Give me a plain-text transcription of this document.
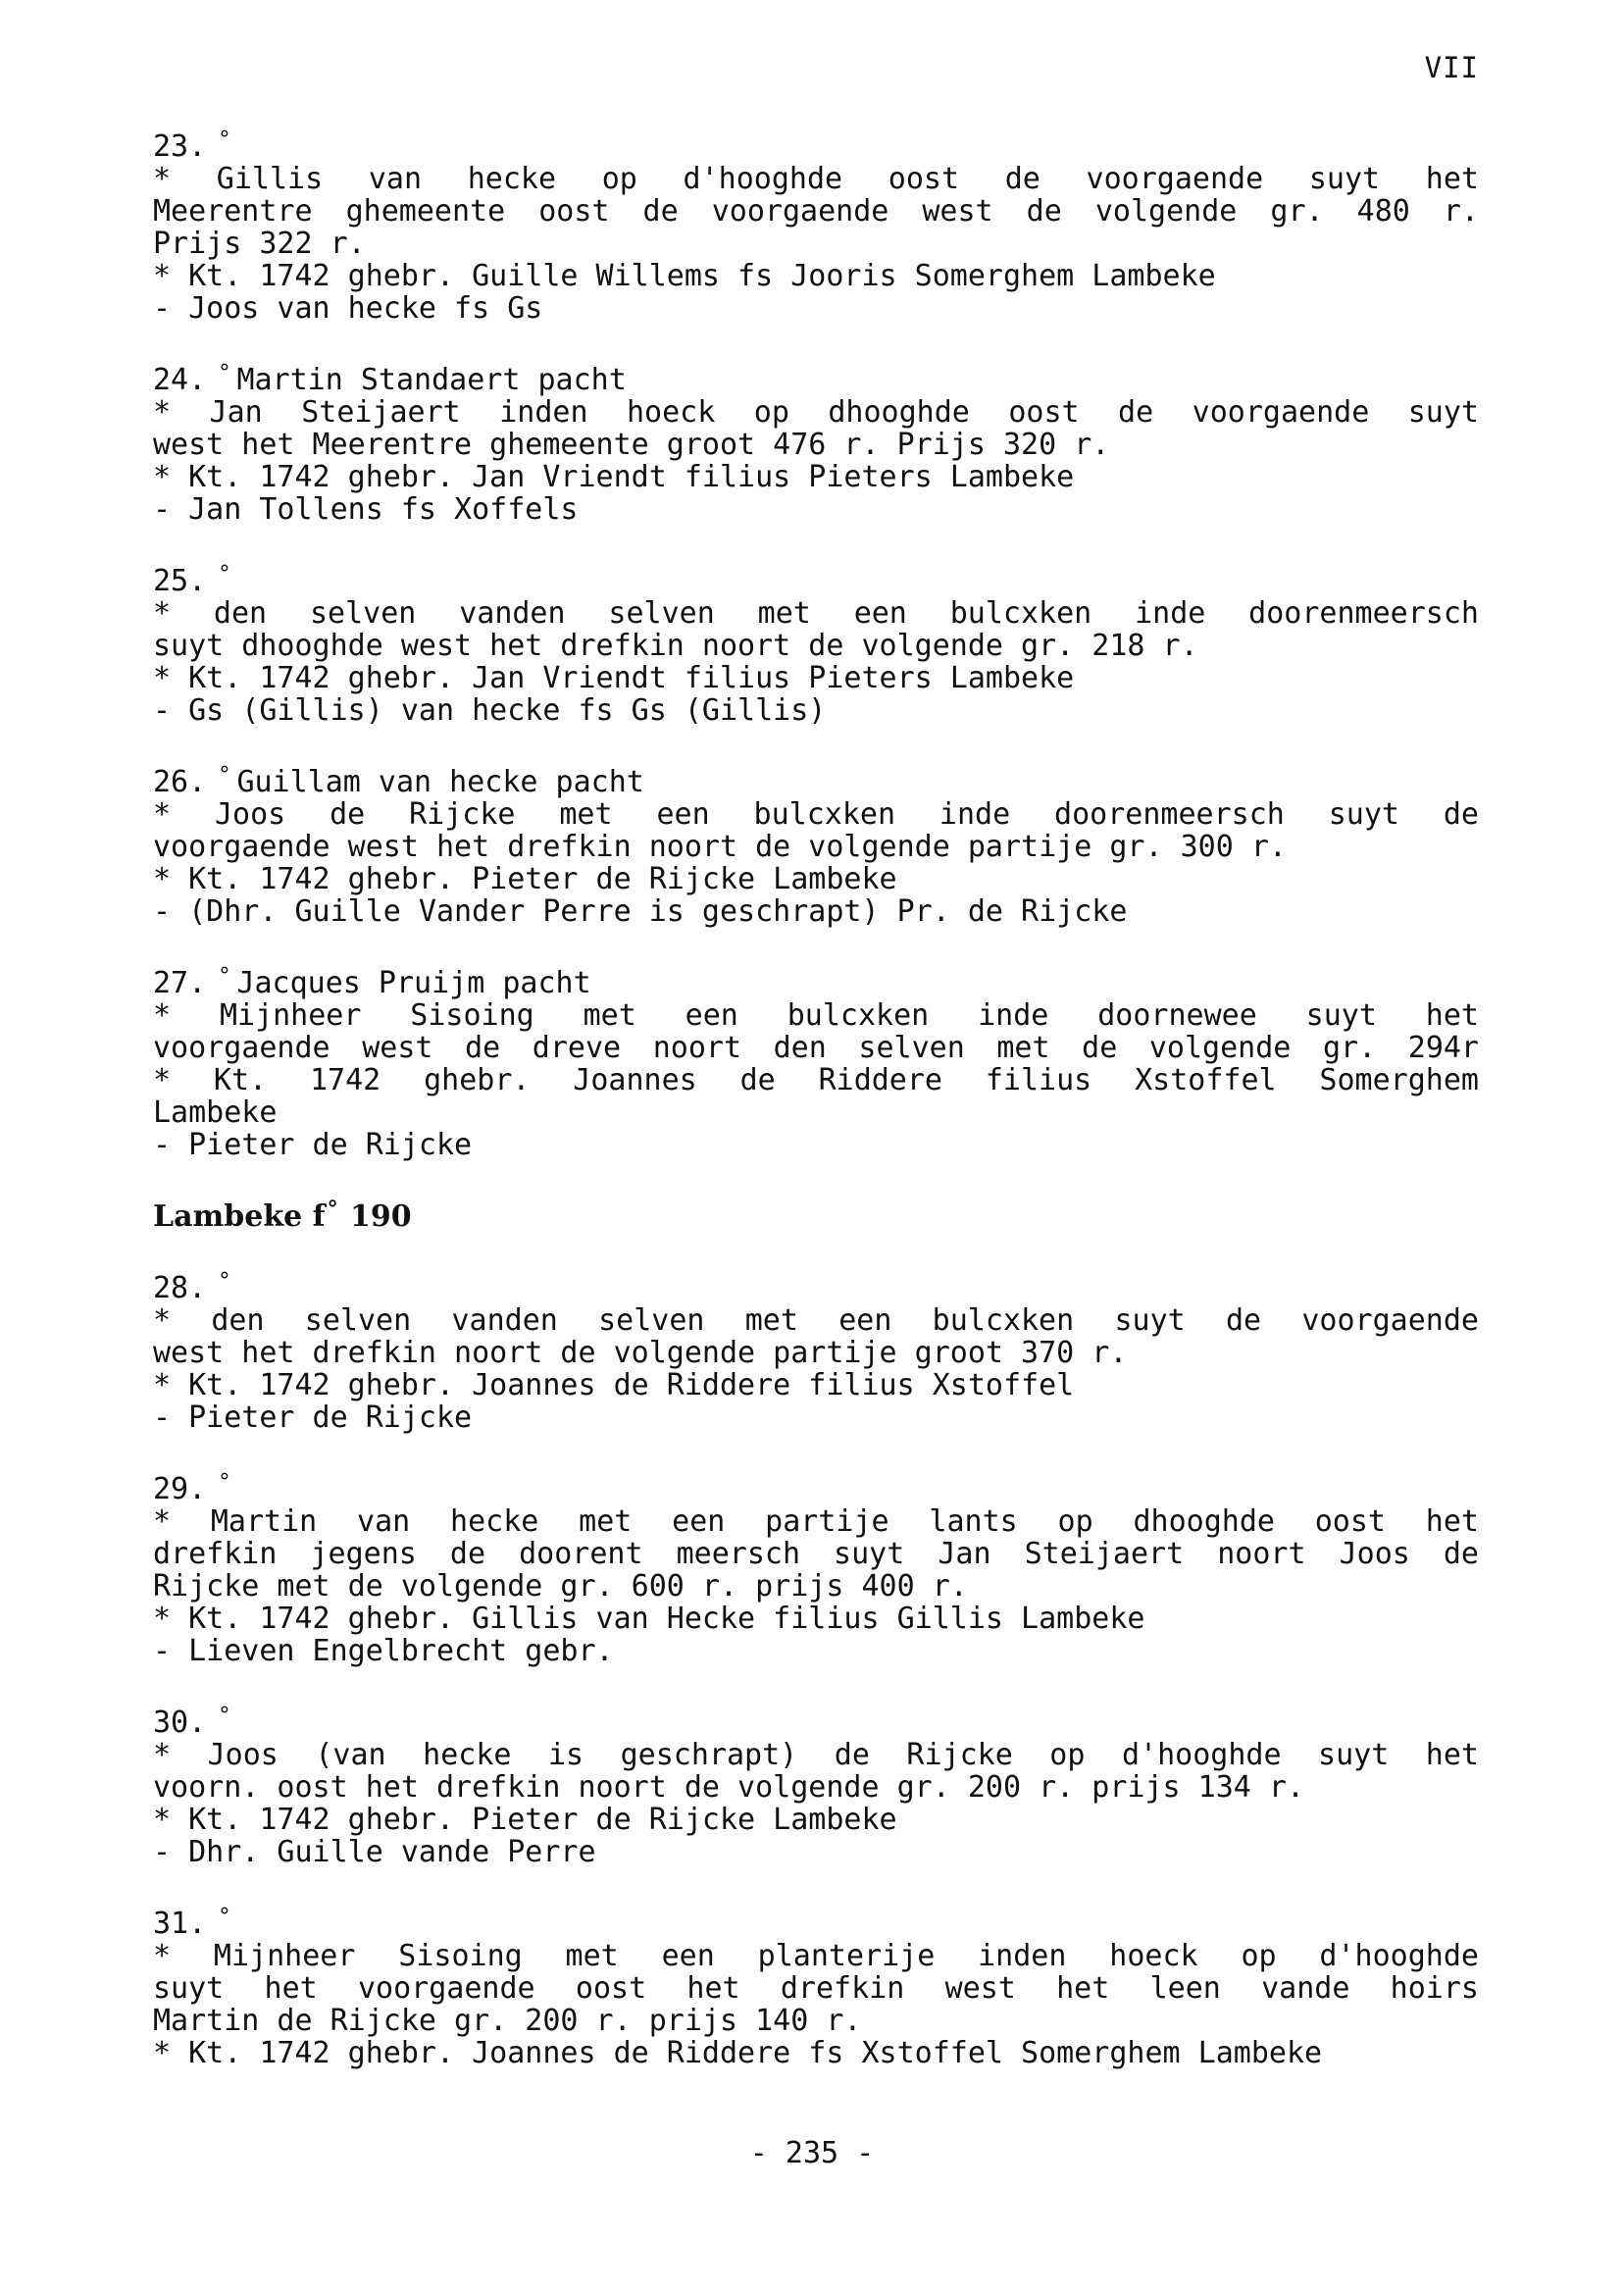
VII
23. °
* Gillis van hecke op d'hooghde oost de voorgaende suyt het
Meerentre ghemeente oost de voorgaende west de volgende gr. 480 r.
Prijs 322 r.
* Kt. 1742 ghebr. Guille Willems fs Jooris Somerghem Lambeke
- Joos van hecke fs Gs
24. ° Martin Standaert pacht
* Jan Steijaert inden hoeck op dhooghde oost de voorgaende suyt
west het Meerentre ghemeente groot 476 r. Prijs 320 r.
* Kt. 1742 ghebr. Jan Vriendt filius Pieters Lambeke
- Jan Tollens fs Xoffels
25. °
* den selven vanden selven met een bulcxken inde doorenmeersch
suyt dhooghde west het drefkin noort de volgende gr. 218 r.
* Kt. 1742 ghebr. Jan Vriendt filius Pieters Lambeke
- Gs (Gillis) van hecke fs Gs (Gillis)
26. ° Guillam van hecke pacht
* Joos de Rijcke met een bulcxken inde doorenmeersch suyt de
voorgaende west het drefkin noort de volgende partije gr. 300 r.
* Kt. 1742 ghebr. Pieter de Rijcke Lambeke
- (Dhr. Guille Vander Perre is geschrapt) Pr. de Rijcke
27. ° Jacques Pruijm pacht
* Mijnheer Sisoing met een bulcxken inde doornewee suyt het
voorgaende west de dreve noort den selven met de volgende gr. 294r
* Kt. 1742 ghebr. Joannes de Riddere filius Xstoffel Somerghem
Lambeke
- Pieter de Rijcke
Lambeke f° 190
28. °
* den selven vanden selven met een bulcxken suyt de voorgaende
west het drefkin noort de volgende partije groot 370 r.
* Kt. 1742 ghebr. Joannes de Riddere filius Xstoffel
- Pieter de Rijcke
29. °
* Martin van hecke met een partije lants op dhooghde oost het
drefkin jegens de doorent meersch suyt Jan Steijaert noort Joos de
Rijcke met de volgende gr. 600 r. prijs 400 r.
* Kt. 1742 ghebr. Gillis van Hecke filius Gillis Lambeke
- Lieven Engelbrecht gebr.
30. °
* Joos (van hecke is geschrapt) de Rijcke op d'hooghde suyt het
voorn. oost het drefkin noort de volgende gr. 200 r. prijs 134 r.
* Kt. 1742 ghebr. Pieter de Rijcke Lambeke
- Dhr. Guille vande Perre
31. °
* Mijnheer Sisoing met een planterije inden hoeck op d'hooghde
suyt het voorgaende oost het drefkin west het leen vande hoirs
Martin de Rijcke gr. 200 r. prijs 140 r.
* Kt. 1742 ghebr. Joannes de Riddere fs Xstoffel Somerghem Lambeke
- 235 -
